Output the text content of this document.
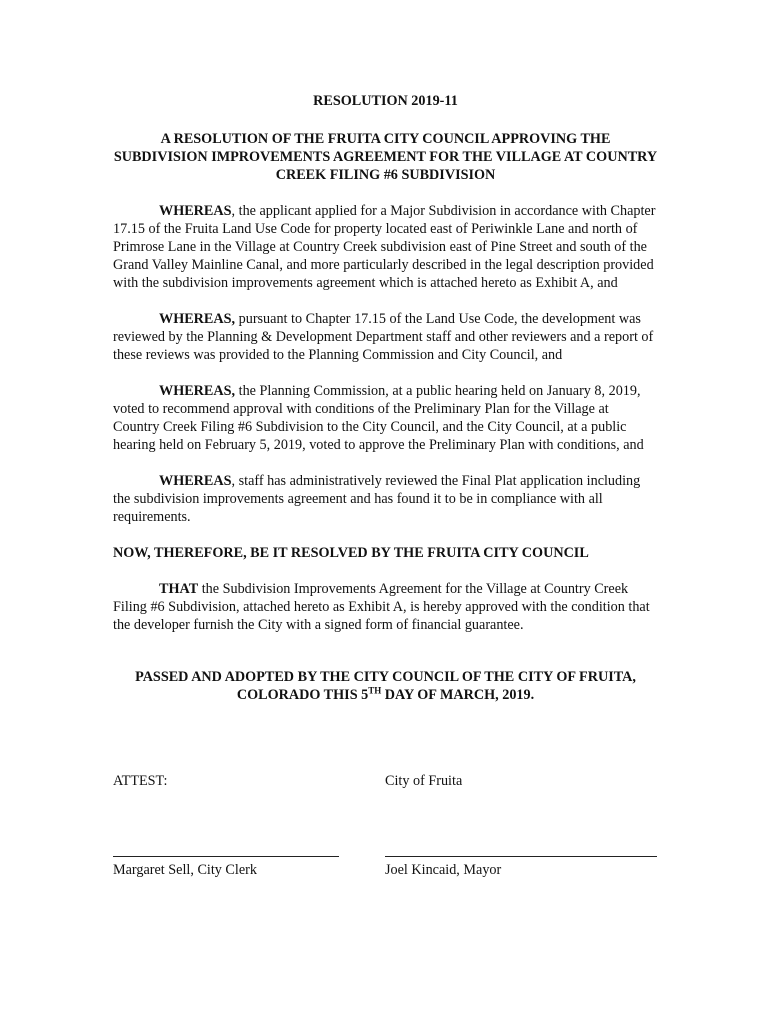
RESOLUTION 2019-11
A RESOLUTION OF THE FRUITA CITY COUNCIL APPROVING THE SUBDIVISION IMPROVEMENTS AGREEMENT FOR THE VILLAGE AT COUNTRY CREEK FILING #6 SUBDIVISION

WHEREAS, the applicant applied for a Major Subdivision in accordance with Chapter 17.15 of the Fruita Land Use Code for property located east of Periwinkle Lane and north of Primrose Lane in the Village at Country Creek subdivision east of Pine Street and south of the Grand Valley Mainline Canal, and more particularly described in the legal description provided with the subdivision improvements agreement which is attached hereto as Exhibit A, and

WHEREAS, pursuant to Chapter 17.15 of the Land Use Code, the development was reviewed by the Planning & Development Department staff and other reviewers and a report of these reviews was provided to the Planning Commission and City Council, and

WHEREAS, the Planning Commission, at a public hearing held on January 8, 2019, voted to recommend approval with conditions of the Preliminary Plan for the Village at Country Creek Filing #6 Subdivision to the City Council, and the City Council, at a public hearing held on February 5, 2019, voted to approve the Preliminary Plan with conditions, and

WHEREAS, staff has administratively reviewed the Final Plat application including the subdivision improvements agreement and has found it to be in compliance with all requirements.

NOW, THEREFORE, BE IT RESOLVED BY THE FRUITA CITY COUNCIL

THAT the Subdivision Improvements Agreement for the Village at Country Creek Filing #6 Subdivision, attached hereto as Exhibit A, is hereby approved with the condition that the developer furnish the City with a signed form of financial guarantee.

PASSED AND ADOPTED BY THE CITY COUNCIL OF THE CITY OF FRUITA,
COLORADO THIS 5TH DAY OF MARCH, 2019.
ATTEST:	City of Fruita
Margaret Sell, City Clerk	Joel Kincaid, Mayor
